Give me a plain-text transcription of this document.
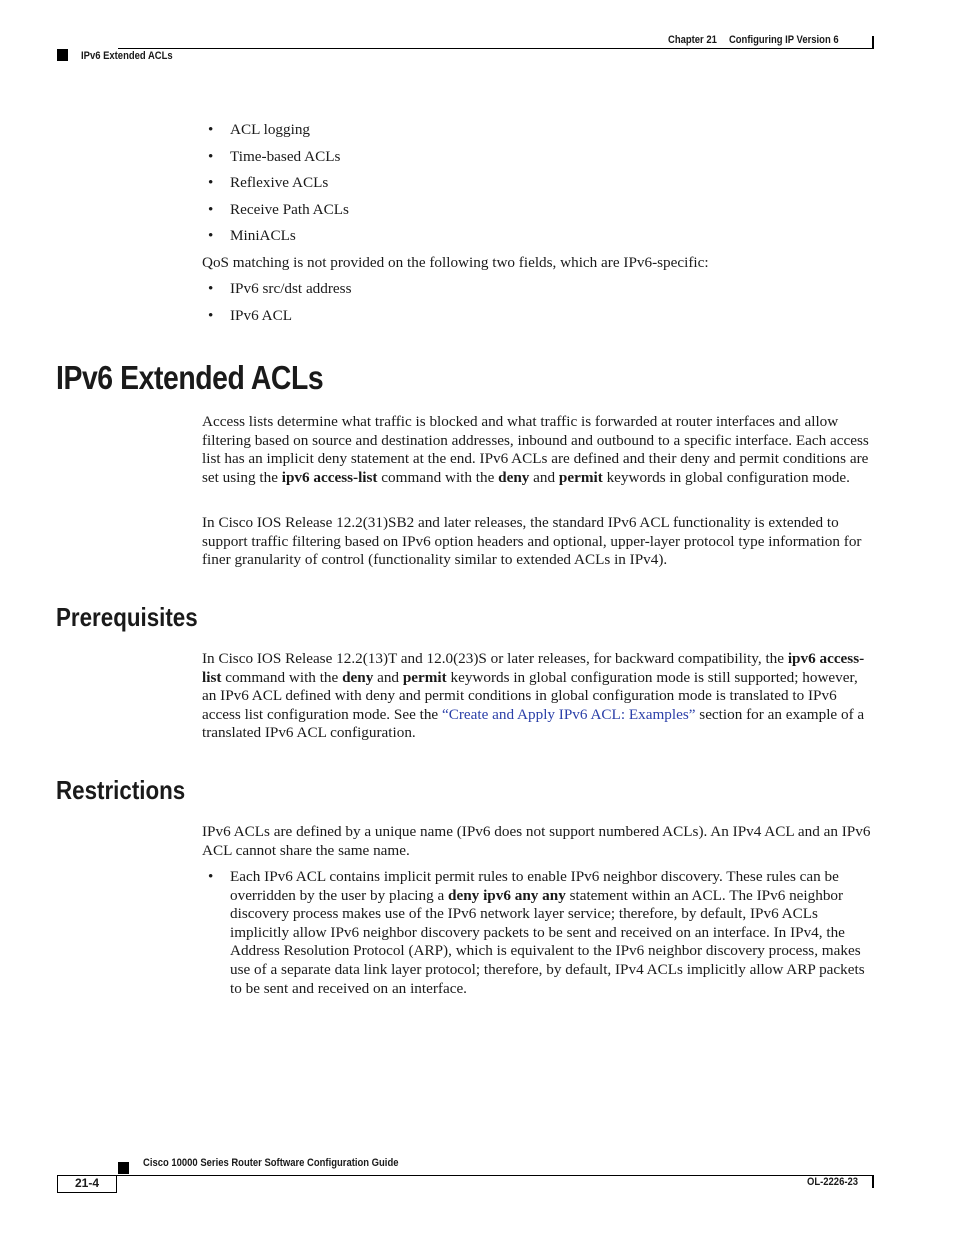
Chapter 21 Configuring IP Version 6
IPv6 Extended ACLs
• ACL logging

• Time-based ACLs

• Reflexive ACLs

• Receive Path ACLs

• MiniACLs

QoS matching is not provided on the following two fields, which are IPv6-specific:

• IPv6 src/dst address

• IPv6 ACL

IPv6 Extended ACLs

Access lists determine what traffic is blocked and what traffic is forwarded at router interfaces and allow filtering based on source and destination addresses, inbound and outbound to a specific interface. Each access list has an implicit deny statement at the end. IPv6 ACLs are defined and their deny and permit conditions are set using the ipv6 access-list command with the deny and permit keywords in global configuration mode.

In Cisco IOS Release 12.2(31)SB2 and later releases, the standard IPv6 ACL functionality is extended to support traffic filtering based on IPv6 option headers and optional, upper-layer protocol type information for finer granularity of control (functionality similar to extended ACLs in IPv4).

Prerequisites

In Cisco IOS Release 12.2(13)T and 12.0(23)S or later releases, for backward compatibility, the ipv6 access-list command with the deny and permit keywords in global configuration mode is still supported; however, an IPv6 ACL defined with deny and permit conditions in global configuration mode is translated to IPv6 access list configuration mode. See the “Create and Apply IPv6 ACL: Examples” section for an example of a translated IPv6 ACL configuration.

Restrictions

IPv6 ACLs are defined by a unique name (IPv6 does not support numbered ACLs). An IPv4 ACL and an IPv6 ACL cannot share the same name.

• Each IPv6 ACL contains implicit permit rules to enable IPv6 neighbor discovery. These rules can be overridden by the user by placing a deny ipv6 any any statement within an ACL. The IPv6 neighbor discovery process makes use of the IPv6 network layer service; therefore, by default, IPv6 ACLs implicitly allow IPv6 neighbor discovery packets to be sent and received on an interface. In IPv4, the Address Resolution Protocol (ARP), which is equivalent to the IPv6 neighbor discovery process, makes use of a separate data link layer protocol; therefore, by default, IPv4 ACLs implicitly allow ARP packets to be sent and received on an interface.

Cisco 10000 Series Router Software Configuration Guide
21-4	OL-2226-23
